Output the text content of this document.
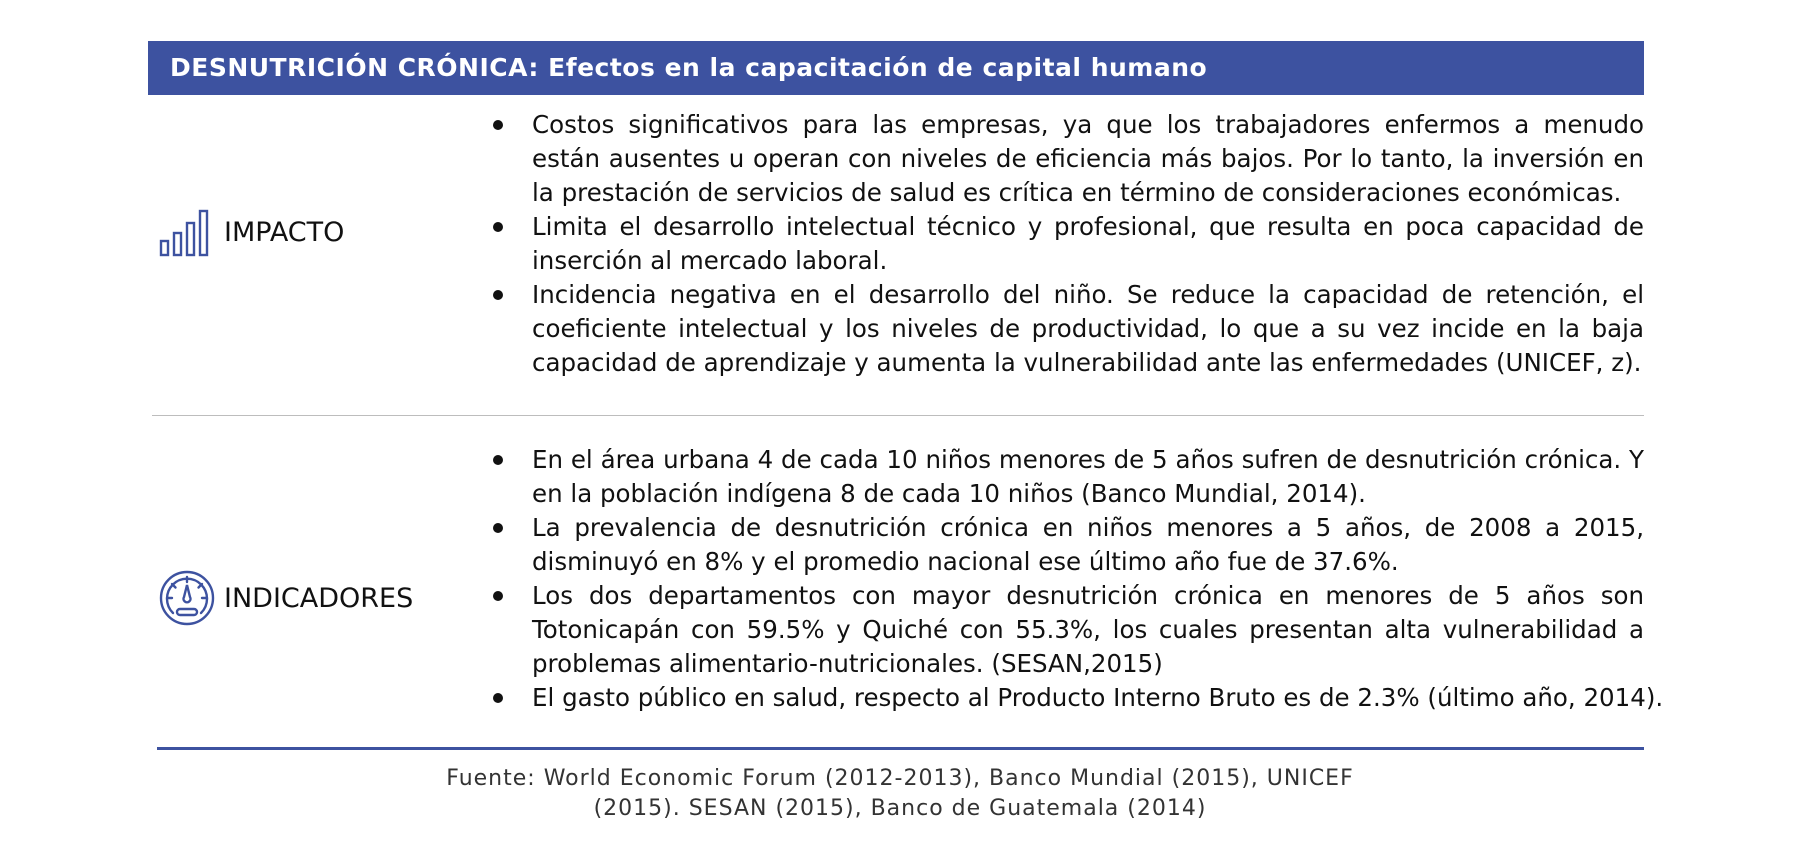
DESNUTRICIÓN CRÓNICA: Efectos en la capacitación de capital humano
IMPACTO
Costos significativos para las empresas, ya que los trabajadores enfermos a menudo están ausentes u operan con niveles de eficiencia más bajos. Por lo tanto, la inversión en la prestación de servicios de salud es crítica en término de consideraciones económicas.
Limita el desarrollo intelectual técnico y profesional, que resulta en poca capacidad de inserción al mercado laboral.
Incidencia negativa en el desarrollo del niño. Se reduce la capacidad de retención, el coeficiente intelectual y los niveles de productividad, lo que a su vez incide en la baja capacidad de aprendizaje y aumenta la vulnerabilidad ante las enfermedades (UNICEF, z).
INDICADORES
En el área urbana 4 de cada 10 niños menores de 5 años sufren de desnutrición crónica. Y en la población indígena 8 de cada 10 niños (Banco Mundial, 2014).
La prevalencia de desnutrición crónica en niños menores a 5 años, de 2008 a 2015, disminuyó en 8% y el promedio nacional ese último año fue de 37.6%.
Los dos departamentos con mayor desnutrición crónica en menores de 5 años son Totonicapán con 59.5% y Quiché con 55.3%, los cuales presentan alta vulnerabilidad a problemas alimentario-nutricionales. (SESAN,2015)
El gasto público en salud, respecto al Producto Interno Bruto es de 2.3% (último año, 2014).
Fuente: World Economic Forum (2012-2013), Banco Mundial (2015), UNICEF
(2015). SESAN (2015), Banco de Guatemala (2014)
